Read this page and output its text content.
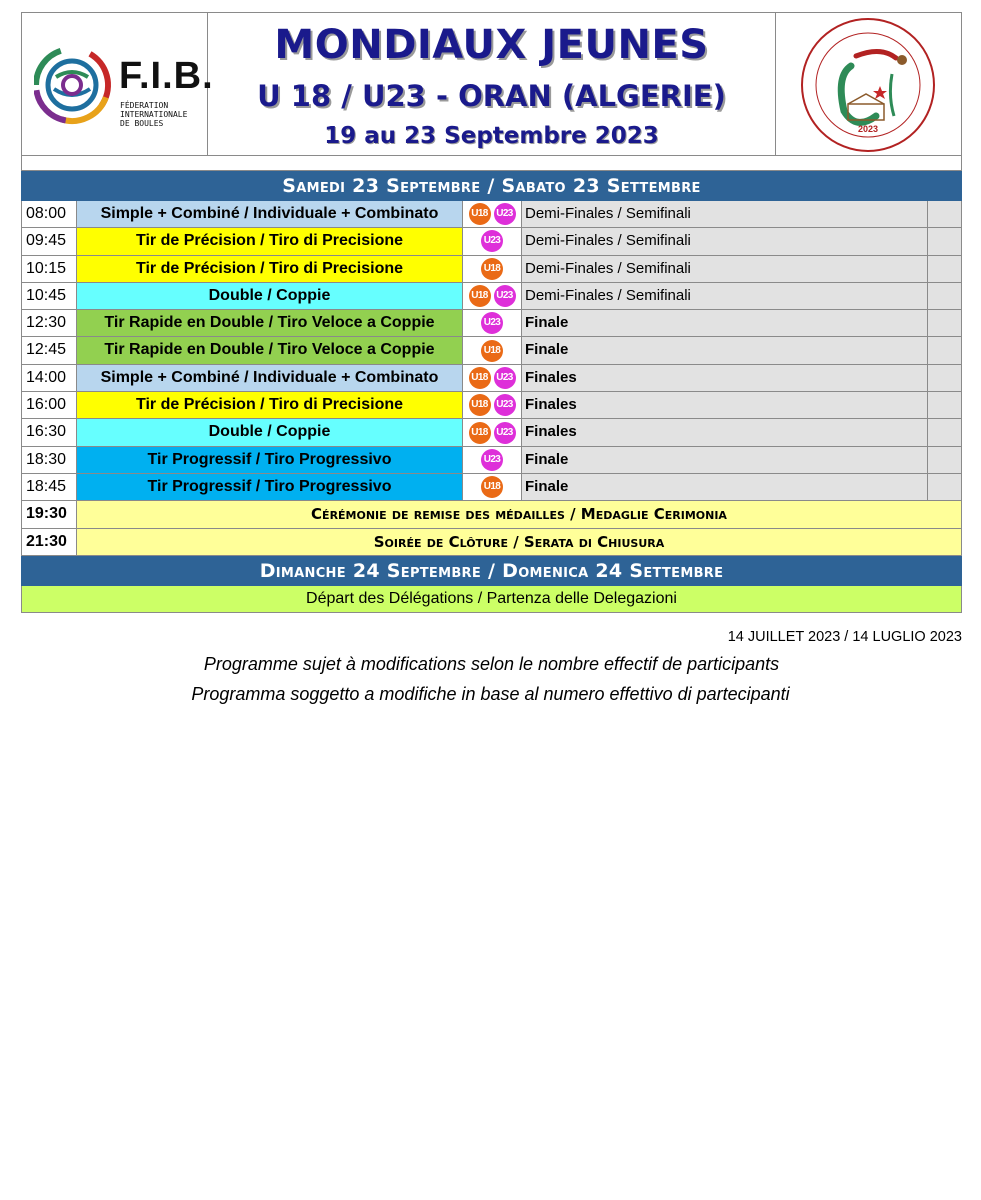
F.I.B.
FÉDERATION
INTERNATIONALE
DE BOULES
MONDIAUX JEUNES
U 18 / U23 - ORAN (ALGERIE)
19 au 23 Septembre 2023	2023
Samedi 23 Septembre / Sabato 23 Settembre
08:00	Simple + Combiné / Individuale + Combinato	U18 U23 Demi-Finales / Semifinali
09:45	Tir de Précision / Tiro di Precisione	U23 Demi-Finales / Semifinali
10:15	Tir de Précision / Tiro di Precisione	U18 Demi-Finales / Semifinali
10:45	Double / Coppie	U18 U23 Demi-Finales / Semifinali
12:30	Tir Rapide en Double / Tiro Veloce a Coppie	U23 Finale
12:45	Tir Rapide en Double / Tiro Veloce a Coppie	U18 Finale
14:00	Simple + Combiné / Individuale + Combinato	U18 U23 Finales
16:00	Tir de Précision / Tiro di Precisione	U18 U23 Finales
16:30	Double / Coppie	U18 U23 Finales
18:30	Tir Progressif / Tiro Progressivo	U23 Finale
18:45	Tir Progressif / Tiro Progressivo	U18 Finale
19:30	Cérémonie de remise des médailles / Medaglie Cerimonia
21:30	Soirée de Clôture / Serata di Chiusura
Dimanche 24 Septembre / Domenica 24 Settembre
Départ des Délégations / Partenza delle Delegazioni
14 JUILLET 2023 / 14 LUGLIO 2023
Programme sujet à modifications selon le nombre effectif de participants
Programma soggetto a modifiche in base al numero effettivo di partecipanti
